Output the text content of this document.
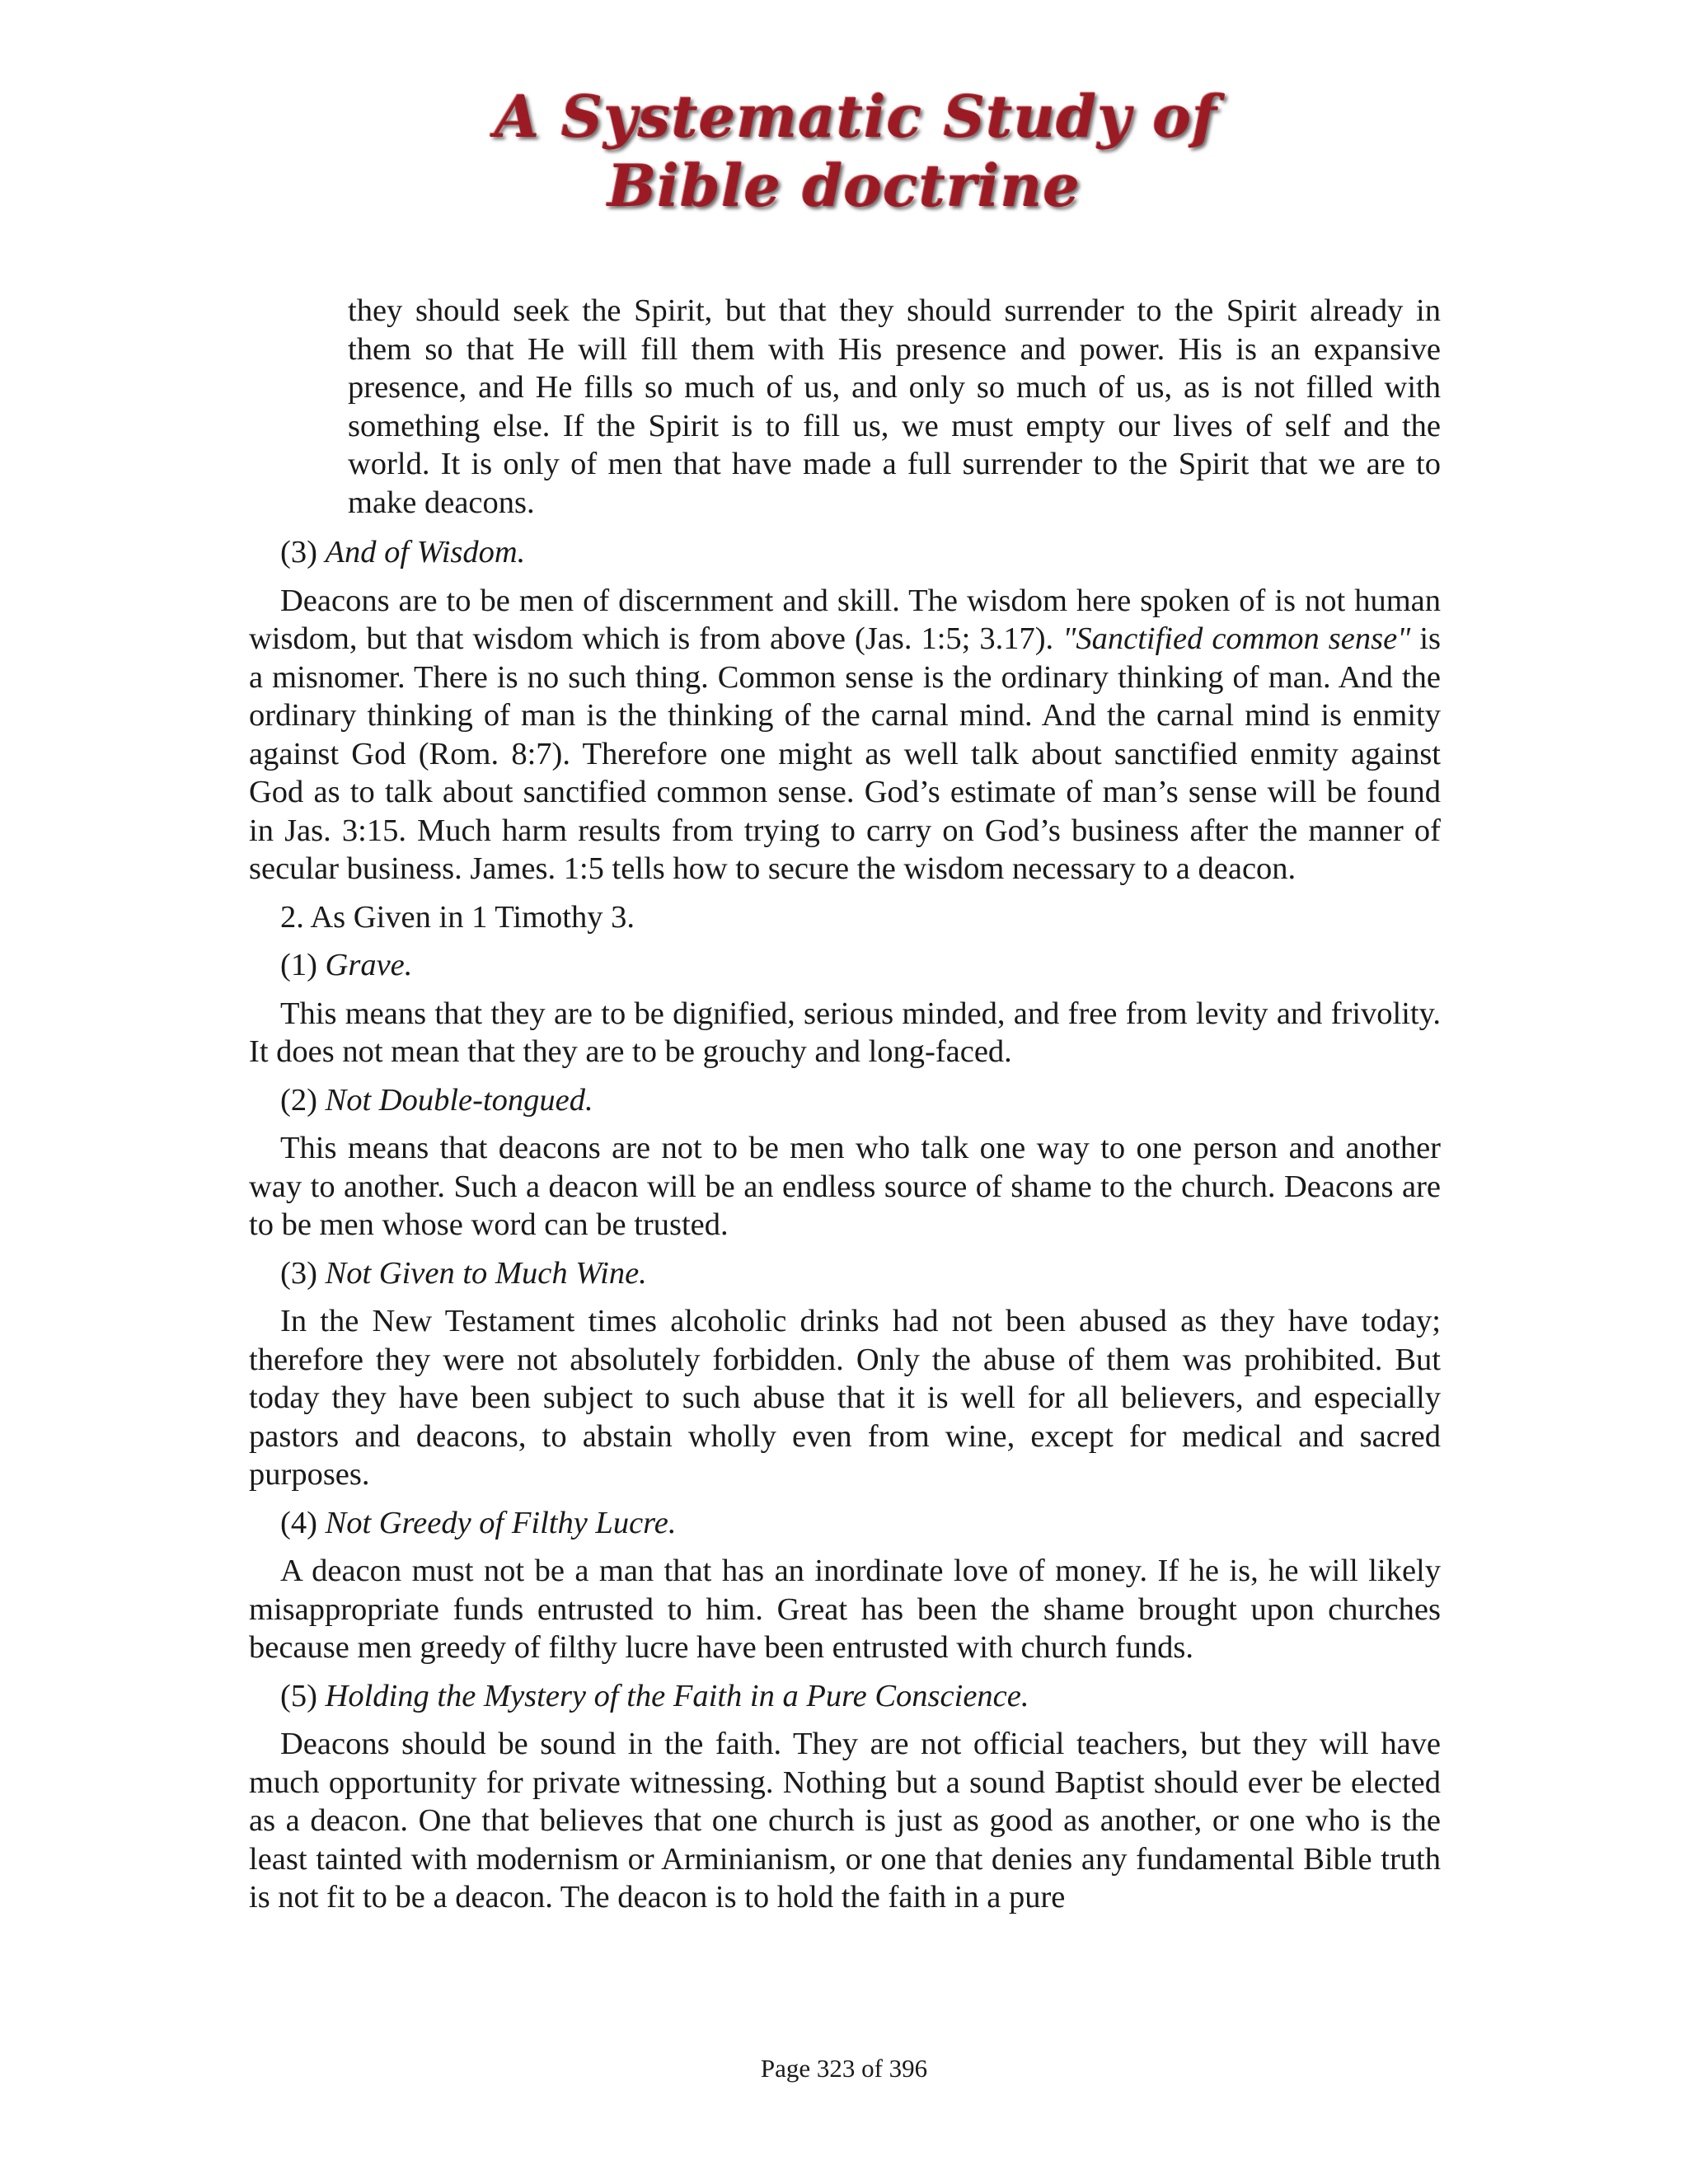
A Systematic Study of
Bible doctrine

they should seek the Spirit, but that they should surrender to the Spirit already in them so that He will fill them with His presence and power. His is an expansive presence, and He fills so much of us, and only so much of us, as is not filled with something else. If the Spirit is to fill us, we must empty our lives of self and the world. It is only of men that have made a full surrender to the Spirit that we are to make deacons.

(3) And of Wisdom.

Deacons are to be men of discernment and skill. The wisdom here spoken of is not human wisdom, but that wisdom which is from above (Jas. 1:5; 3.17). "Sanctified common sense" is a misnomer. There is no such thing. Common sense is the ordinary thinking of man. And the ordinary thinking of man is the thinking of the carnal mind. And the carnal mind is enmity against God (Rom. 8:7). Therefore one might as well talk about sanctified enmity against God as to talk about sanctified common sense. God’s estimate of man’s sense will be found in Jas. 3:15. Much harm results from trying to carry on God’s business after the manner of secular business. James. 1:5 tells how to secure the wisdom necessary to a deacon.

2. As Given in 1 Timothy 3.

(1) Grave.

This means that they are to be dignified, serious minded, and free from levity and frivolity. It does not mean that they are to be grouchy and long-faced.

(2) Not Double-tongued.

This means that deacons are not to be men who talk one way to one person and another way to another. Such a deacon will be an endless source of shame to the church. Deacons are to be men whose word can be trusted.

(3) Not Given to Much Wine.

In the New Testament times alcoholic drinks had not been abused as they have today; therefore they were not absolutely forbidden. Only the abuse of them was prohibited. But today they have been subject to such abuse that it is well for all believers, and especially pastors and deacons, to abstain wholly even from wine, except for medical and sacred purposes.

(4) Not Greedy of Filthy Lucre.

A deacon must not be a man that has an inordinate love of money. If he is, he will likely misappropriate funds entrusted to him. Great has been the shame brought upon churches because men greedy of filthy lucre have been entrusted with church funds.

(5) Holding the Mystery of the Faith in a Pure Conscience.

Deacons should be sound in the faith. They are not official teachers, but they will have much opportunity for private witnessing. Nothing but a sound Baptist should ever be elected as a deacon. One that believes that one church is just as good as another, or one who is the least tainted with modernism or Arminianism, or one that denies any fundamental Bible truth is not fit to be a deacon. The deacon is to hold the faith in a pure

Page 323 of 396
